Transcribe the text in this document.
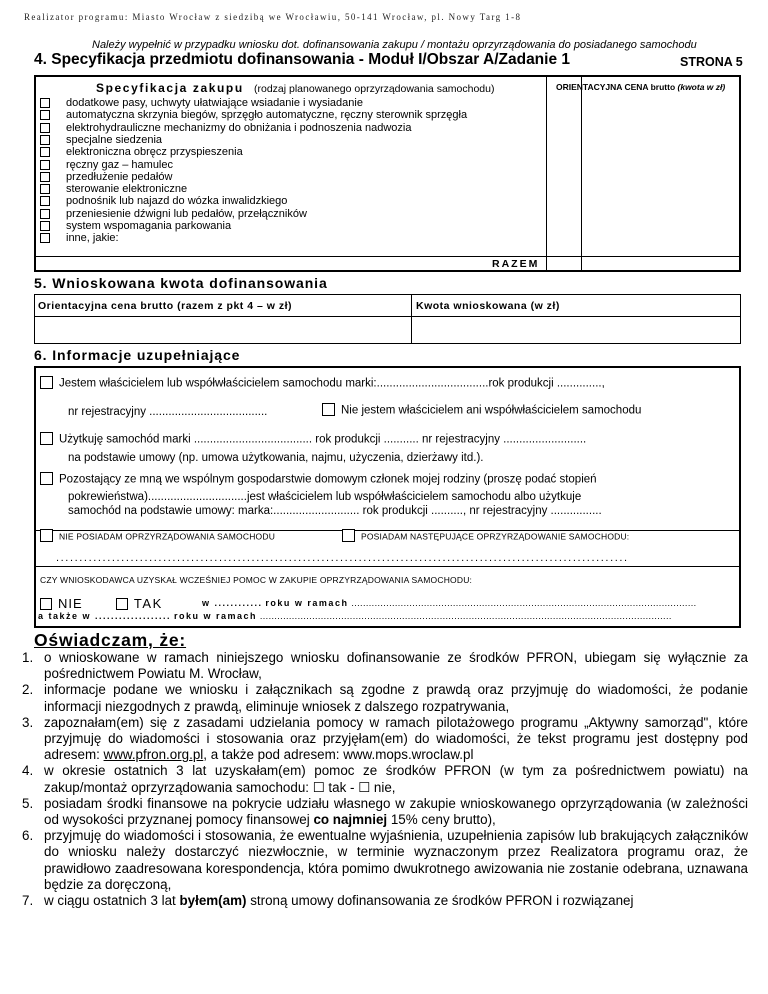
Realizator programu: Miasto Wrocław z siedzibą we Wrocławiu, 50-141 Wrocław, pl. Nowy Targ 1-8
Należy wypełnić w przypadku wniosku dot. dofinansowania zakupu / montażu oprzyrządowania do posiadanego samochodu
4. Specyfikacja przedmiotu dofinansowania - Moduł I/Obszar A/Zadanie 1	STRONA 5
Specyfikacja zakupu (rodzaj planowanego oprzyrządowania samochodu)	ORIENTACYJNA CENA brutto (kwota w zł)
dodatkowe pasy, uchwyty ułatwiające wsiadanie i wysiadanie
automatyczna skrzynia biegów, sprzęgło automatyczne, ręczny sterownik sprzęgła
elektrohydrauliczne mechanizmy do obniżania i podnoszenia nadwozia
specjalne siedzenia
elektroniczna obręcz przyspieszenia
ręczny gaz – hamulec
przedłużenie pedałów
sterowanie elektroniczne
podnośnik lub najazd do wózka inwalidzkiego
przeniesienie dźwigni lub pedałów, przełączników
system wspomagania parkowania
inne, jakie:
RAZEM
5. Wnioskowana kwota dofinansowania
Orientacyjna cena brutto (razem z pkt 4 – w zł)	Kwota wnioskowana (w zł)
6. Informacje uzupełniające
Jestem właścicielem lub współwłaścicielem samochodu marki:...................................rok produkcji ..............,
nr rejestracyjny .....................................	Nie jestem właścicielem ani współwłaścicielem samochodu
Użytkuję samochód marki ..................................... rok produkcji ........... nr rejestracyjny ..........................
na podstawie umowy (np. umowa użytkowania, najmu, użyczenia, dzierżawy itd.).
Pozostający ze mną we wspólnym gospodarstwie domowym członek mojej rodziny (proszę podać stopień
pokrewieństwa)...............................jest właścicielem lub współwłaścicielem samochodu albo użytkuje
samochód na podstawie umowy: marka:........................... rok produkcji .........., nr rejestracyjny ................
NIE POSIADAM OPRZYRZĄDOWANIA SAMOCHODU	POSIADAM NASTĘPUJĄCE OPRZYRZĄDOWANIE SAMOCHODU:
...........................................................................................................................
CZY WNIOSKODAWCA UZYSKAŁ WCZEŚNIEJ POMOC W ZAKUPIE OPRZYRZĄDOWANIA SAMOCHODU:
NIE	TAK	w ............ roku w ramach .......................................................................................................................
a także w ................... roku w ramach ..............................................................................................................................................
Oświadczam, że:
1. o wnioskowane w ramach niniejszego wniosku dofinansowanie ze środków PFRON, ubiegam się wyłącznie za pośrednictwem Powiatu M. Wrocław,
2. informacje podane we wniosku i załącznikach są zgodne z prawdą oraz przyjmuję do wiadomości, że podanie informacji niezgodnych z prawdą, eliminuje wniosek z dalszego rozpatrywania,
3. zapoznałam(em) się z zasadami udzielania pomocy w ramach pilotażowego programu „Aktywny samorząd", które przyjmuję do wiadomości i stosowania oraz przyjęłam(em) do wiadomości, że tekst programu jest dostępny pod adresem: www.pfron.org.pl, a także pod adresem: www.mops.wroclaw.pl
4. w okresie ostatnich 3 lat uzyskałam(em) pomoc ze środków PFRON (w tym za pośrednictwem powiatu) na zakup/montaż oprzyrządowania samochodu: ☐ tak - ☐ nie,
5. posiadam środki finansowe na pokrycie udziału własnego w zakupie wnioskowanego oprzyrządowania (w zależności od wysokości przyznanej pomocy finansowej co najmniej 15% ceny brutto),
6. przyjmuję do wiadomości i stosowania, że ewentualne wyjaśnienia, uzupełnienia zapisów lub brakujących załączników do wniosku należy dostarczyć niezwłocznie, w terminie wyznaczonym przez Realizatora programu oraz, że prawidłowo zaadresowana korespondencja, która pomimo dwukrotnego awizowania nie zostanie odebrana, uznawana będzie za doręczoną,
7. w ciągu ostatnich 3 lat byłem(am) stroną umowy dofinansowania ze środków PFRON i rozwiązanej
